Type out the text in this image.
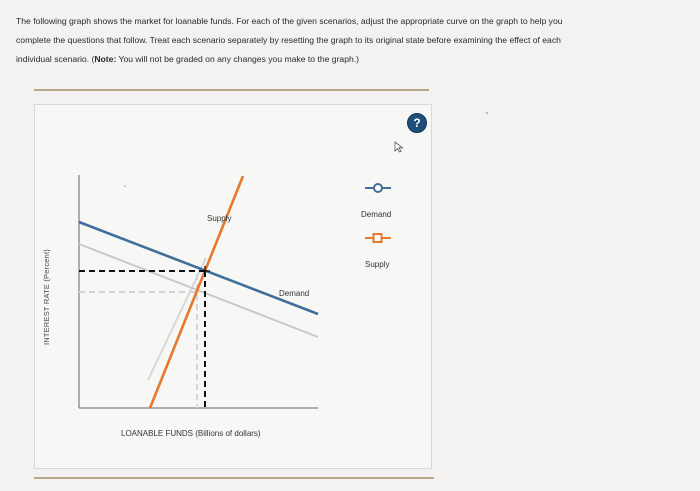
The following graph shows the market for loanable funds. For each of the given scenarios, adjust the appropriate curve on the graph to help you
complete the questions that follow. Treat each scenario separately by resetting the graph to its original state before examining the effect of each
individual scenario. (Note: You will not be graded on any changes you make to the graph.)
?
Demand
Supply
Supply
Demand
INTEREST RATE (Percent)
LOANABLE FUNDS (Billions of dollars)
